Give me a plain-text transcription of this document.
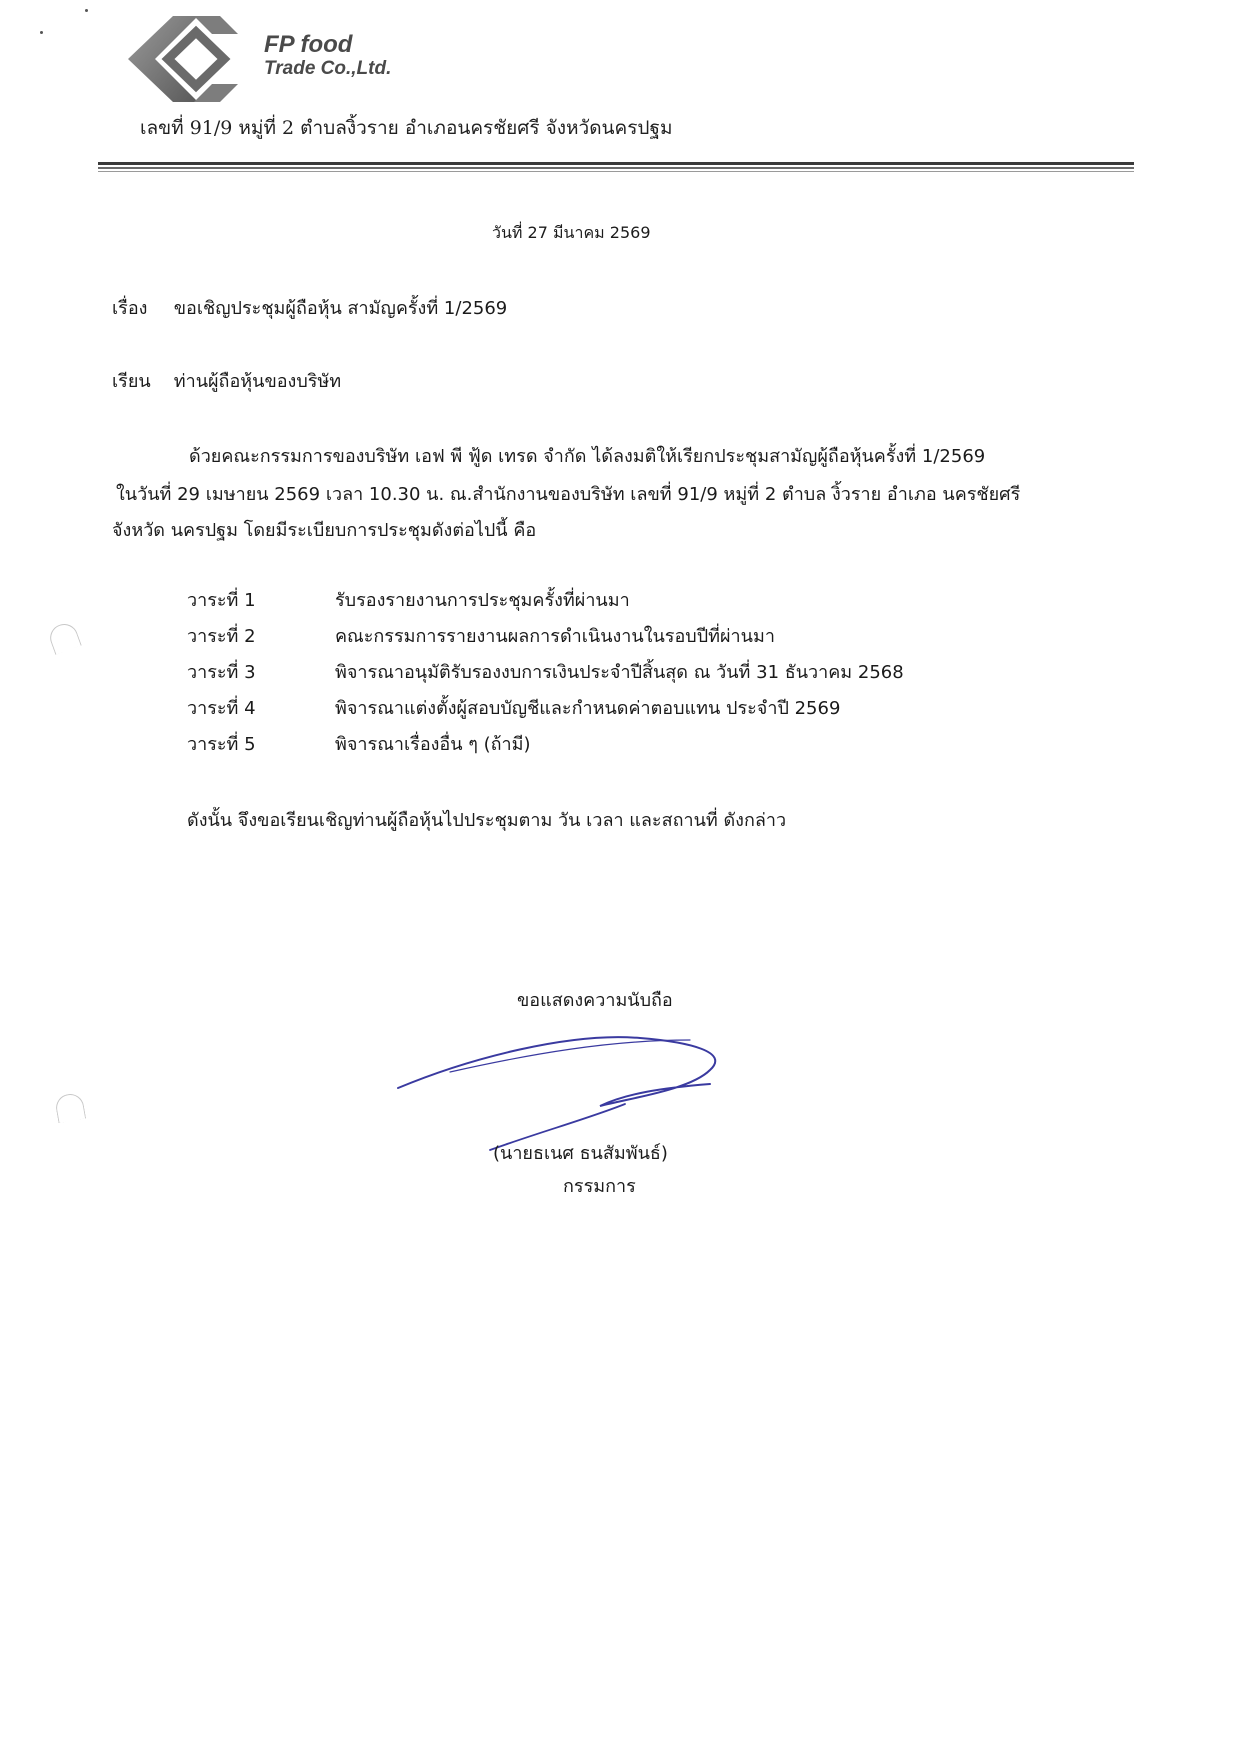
FP food
Trade Co.,Ltd.
เลขที่ 91/9 หมู่ที่ 2 ตำบลงิ้วราย อำเภอนครชัยศรี จังหวัดนครปฐม
วันที่ 27 มีนาคม 2569
เรื่อง ขอเชิญประชุมผู้ถือหุ้น สามัญครั้งที่ 1/2569
เรียน ท่านผู้ถือหุ้นของบริษัท
ด้วยคณะกรรมการของบริษัท เอฟ พี ฟู้ด เทรด จำกัด ได้ลงมติให้เรียกประชุมสามัญผู้ถือหุ้นครั้งที่ 1/2569
ในวันที่ 29 เมษายน 2569 เวลา 10.30 น. ณ.สำนักงานของบริษัท เลขที่ 91/9 หมู่ที่ 2 ตำบล งิ้วราย อำเภอ นครชัยศรี
จังหวัด นครปฐม โดยมีระเบียบการประชุมดังต่อไปนี้ คือ
วาระที่ 1	รับรองรายงานการประชุมครั้งที่ผ่านมา
วาระที่ 2	คณะกรรมการรายงานผลการดำเนินงานในรอบปีที่ผ่านมา
วาระที่ 3	พิจารณาอนุมัติรับรองงบการเงินประจำปีสิ้นสุด ณ วันที่ 31 ธันวาคม 2568
วาระที่ 4	พิจารณาแต่งตั้งผู้สอบบัญชีและกำหนดค่าตอบแทน ประจำปี 2569
วาระที่ 5	พิจารณาเรื่องอื่น ๆ (ถ้ามี)
ดังนั้น จึงขอเรียนเชิญท่านผู้ถือหุ้นไปประชุมตาม วัน เวลา และสถานที่ ดังกล่าว
ขอแสดงความนับถือ
(นายธเนศ ธนสัมพันธ์)
กรรมการ
